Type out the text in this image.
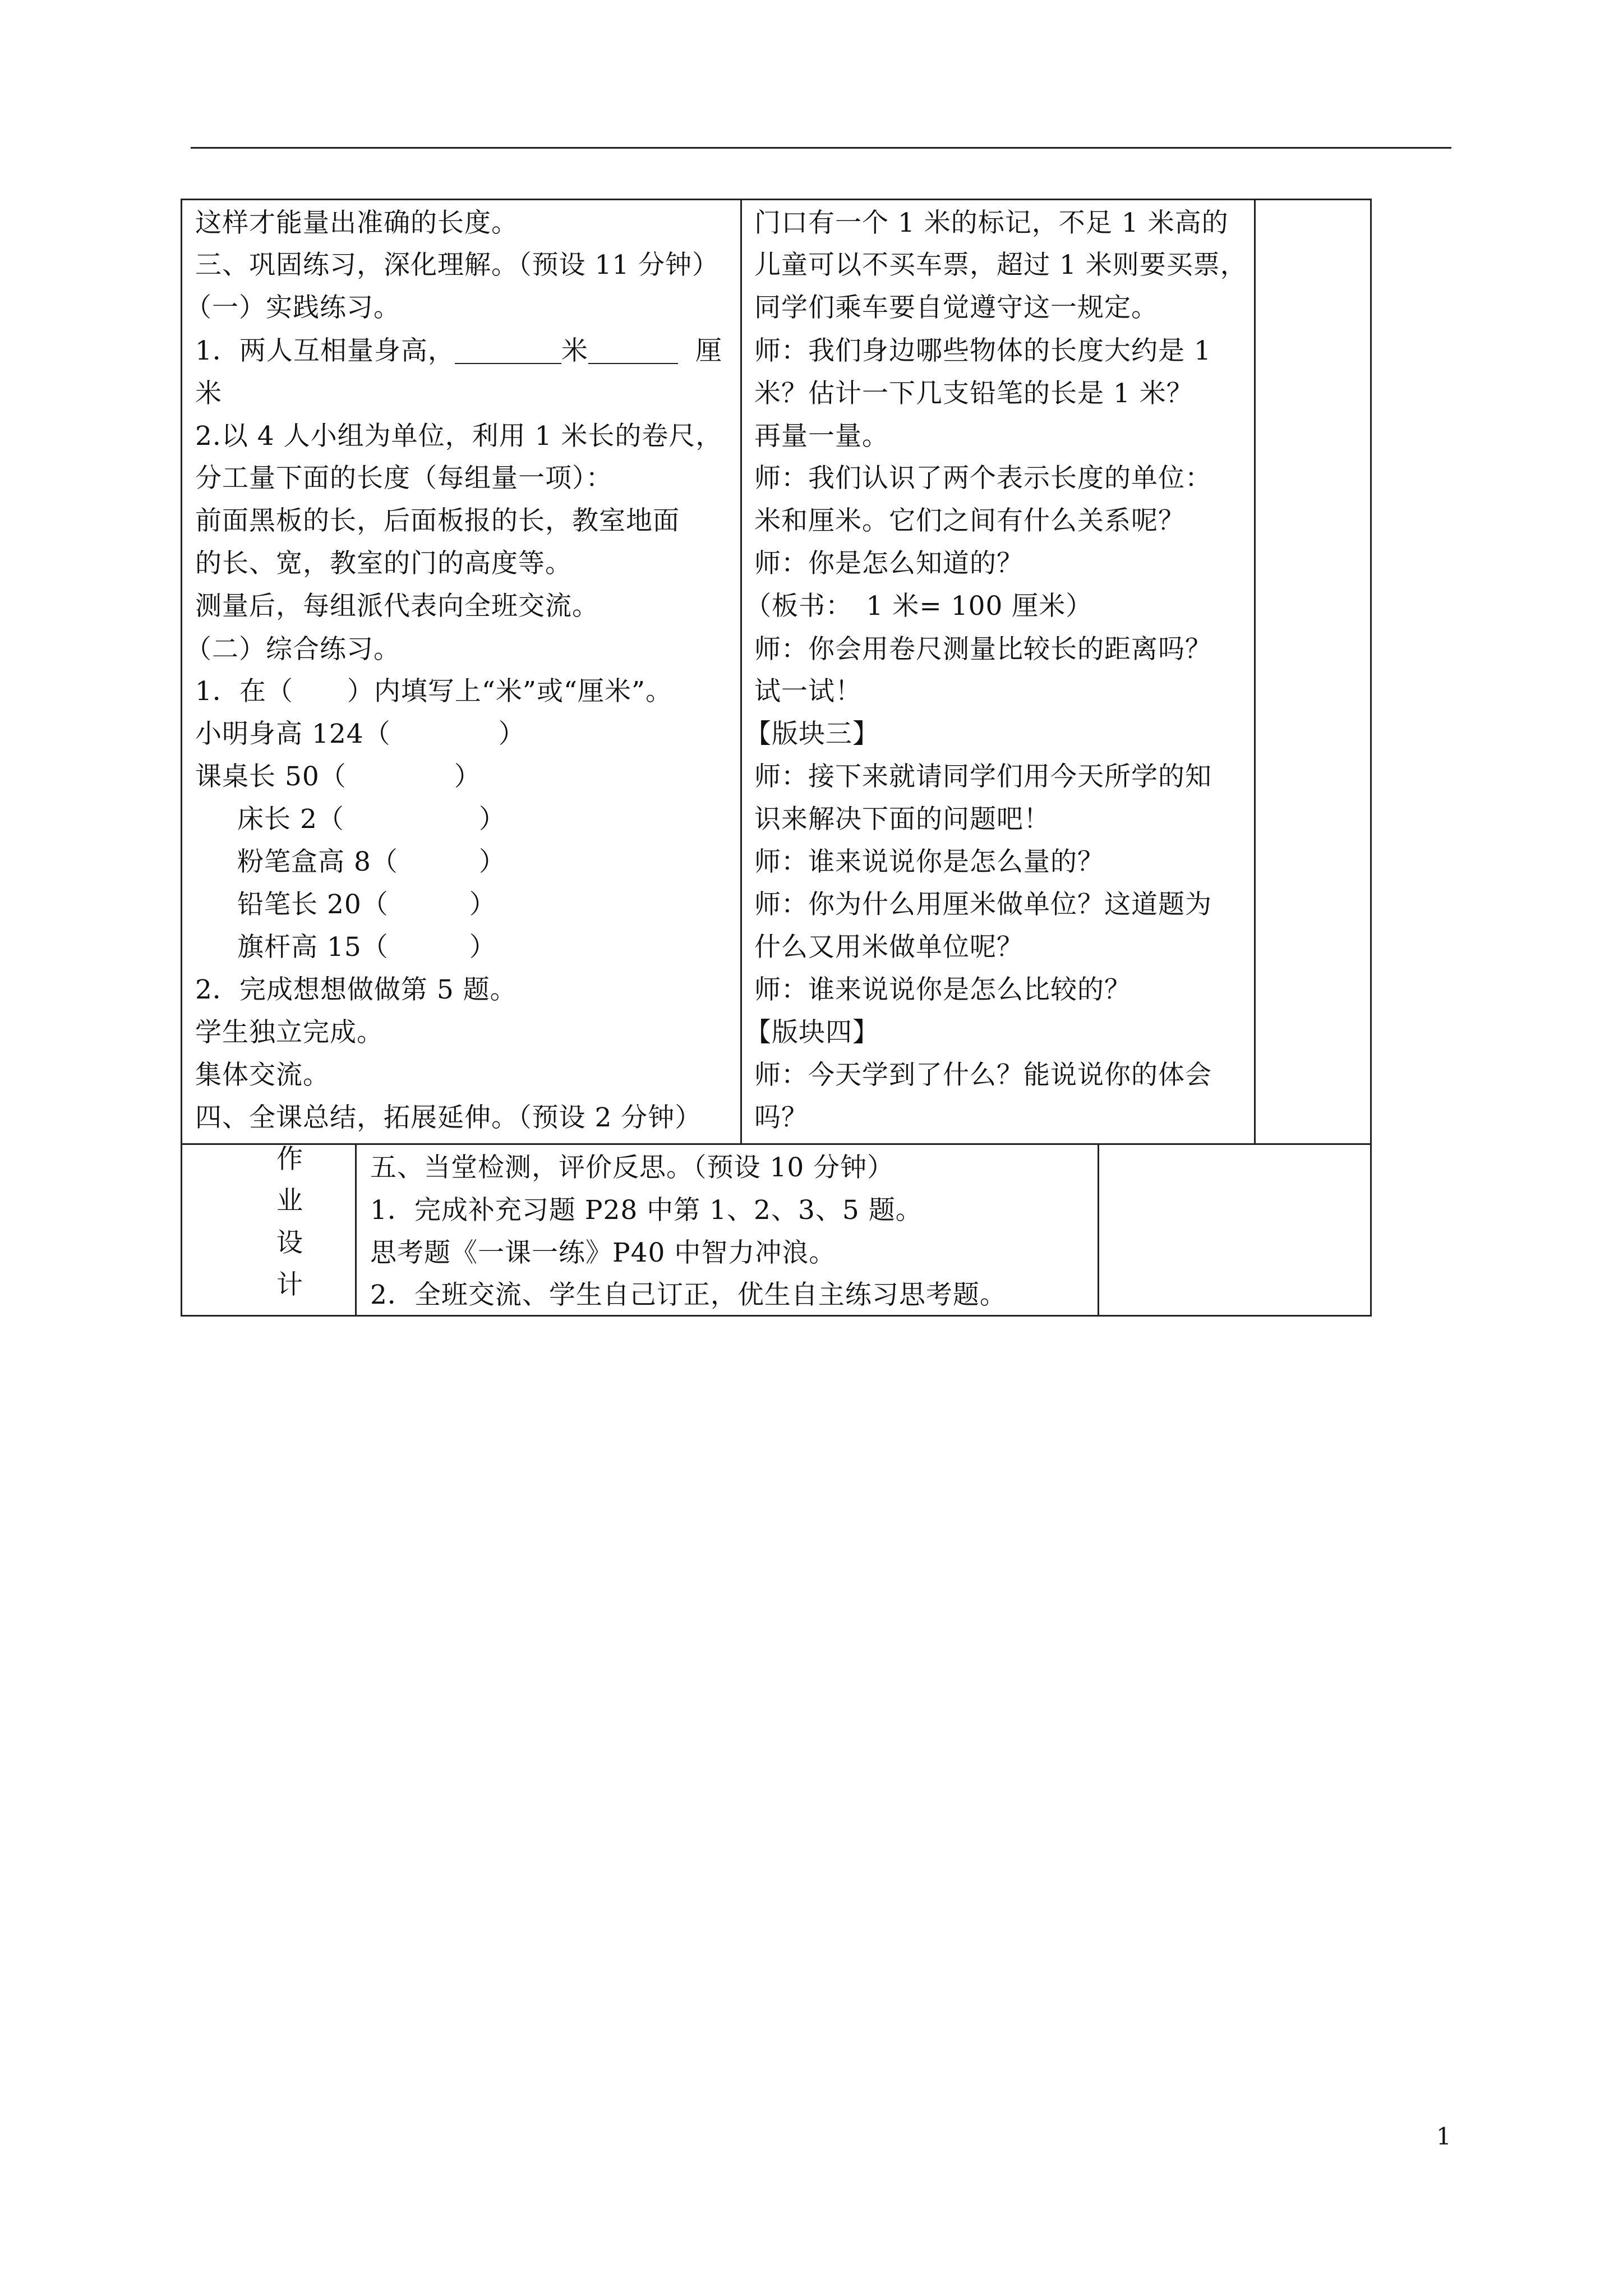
这样才能量出准确的长度。
三、巩固练习，深化理解。（预设 11 分钟）
（一）实践练习。
1．两人互相量身高，	米	厘
米
2.以 4 人小组为单位，利用 1 米长的卷尺，
分工量下面的长度（每组量一项）：
前面黑板的长，后面板报的长，教室地面
的长、宽，教室的门的高度等。
测量后，每组派代表向全班交流。
（二）综合练习。
1．在（　　）内填写上“米”或“厘米”。
小明身高 124（　　　　）
课桌长 50（　　　　）
　床长 2（　　　　　）
　粉笔盒高 8（　　　）
　铅笔长 20（　　　）
　旗杆高 15（　　　）
2．完成想想做做第 5 题。
学生独立完成。
集体交流。
四、全课总结，拓展延伸。（预设 2 分钟）
门口有一个 1 米的标记，不足 1 米高的
儿童可以不买车票，超过 1 米则要买票，
同学们乘车要自觉遵守这一规定。
师：我们身边哪些物体的长度大约是 1
米？估计一下几支铅笔的长是 1 米？
再量一量。
师：我们认识了两个表示长度的单位：
米和厘米。它们之间有什么关系呢？
师：你是怎么知道的？
（板书：　1 米= 100 厘米）
师：你会用卷尺测量比较长的距离吗？
试一试！
【版块三】
师：接下来就请同学们用今天所学的知
识来解决下面的问题吧！
师：谁来说说你是怎么量的？
师：你为什么用厘米做单位？这道题为
什么又用米做单位呢？
师：谁来说说你是怎么比较的？
【版块四】
师：今天学到了什么？能说说你的体会
吗？
作
业
设
计
五、当堂检测，评价反思。（预设 10 分钟）
1．完成补充习题 P28 中第 1、2、3、5 题。
思考题《一课一练》P40 中智力冲浪。
2．全班交流、学生自己订正，优生自主练习思考题。
1
